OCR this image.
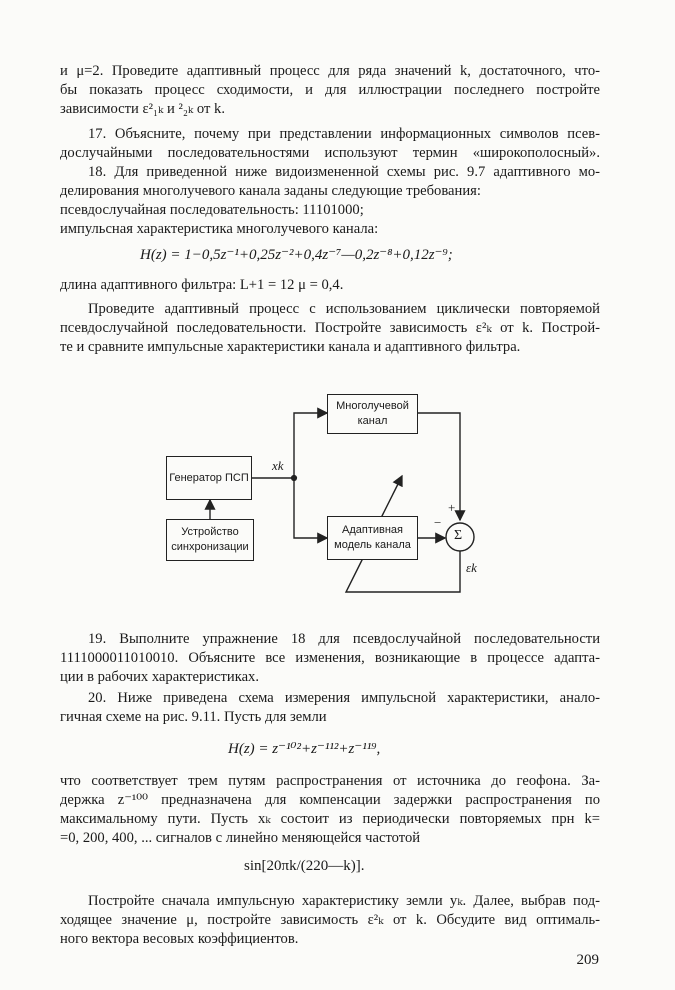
и μ=2. Проведите адаптивный процесс для ряда значений k, достаточного, что-
бы показать процесс сходимости, и для иллюстрации последнего постройте
зависимости ε²₁ₖ и ²₂ₖ от k.
17. Объясните, почему при представлении информационных символов псев-
дослучайными последовательностями используют термин «широкополосный».
18. Для приведенной ниже видоизмененной схемы рис. 9.7 адаптивного мо-
делирования многолучевого канала заданы следующие требования:
псевдослучайная последовательность: 11101000;
импульсная характеристика многолучевого канала:
H(z) = 1−0,5z⁻¹+0,25z⁻²+0,4z⁻⁷—0,2z⁻⁸+0,12z⁻⁹;
длина адаптивного фильтра: L+1 = 12 μ = 0,4.
Проведите адаптивный процесс с использованием циклически повторяемой
псевдослучайной последовательности. Постройте зависимость ε²ₖ от k. Построй-
те и сравните импульсные характеристики канала и адаптивного фильтра.
Генератор ПСП
Устройство синхронизации
Многолучевой канал
Адаптивная модель канала
xk
Σ
+
−
εk
19. Выполните упражнение 18 для псевдослучайной последовательности
1111000011010010. Объясните все изменения, возникающие в процессе адапта-
ции в рабочих характеристиках.
20. Ниже приведена схема измерения импульсной характеристики, анало-
гичная схеме на рис. 9.11. Пусть для земли
H(z) = z⁻¹⁰²+z⁻¹¹²+z⁻¹¹⁹,
что соответствует трем путям распространения от источника до геофона. За-
держка z⁻¹⁰⁰ предназначена для компенсации задержки распространения по
максимальному пути. Пусть xₖ состоит из периодически повторяемых прн k=
=0, 200, 400, ... сигналов с линейно меняющейся частотой
sin[20πk/(220—k)].
Постройте сначала импульсную характеристику земли yₖ. Далее, выбрав под-
ходящее значение μ, постройте зависимость ε²ₖ от k. Обсудите вид оптималь-
ного вектора весовых коэффициентов.
209
